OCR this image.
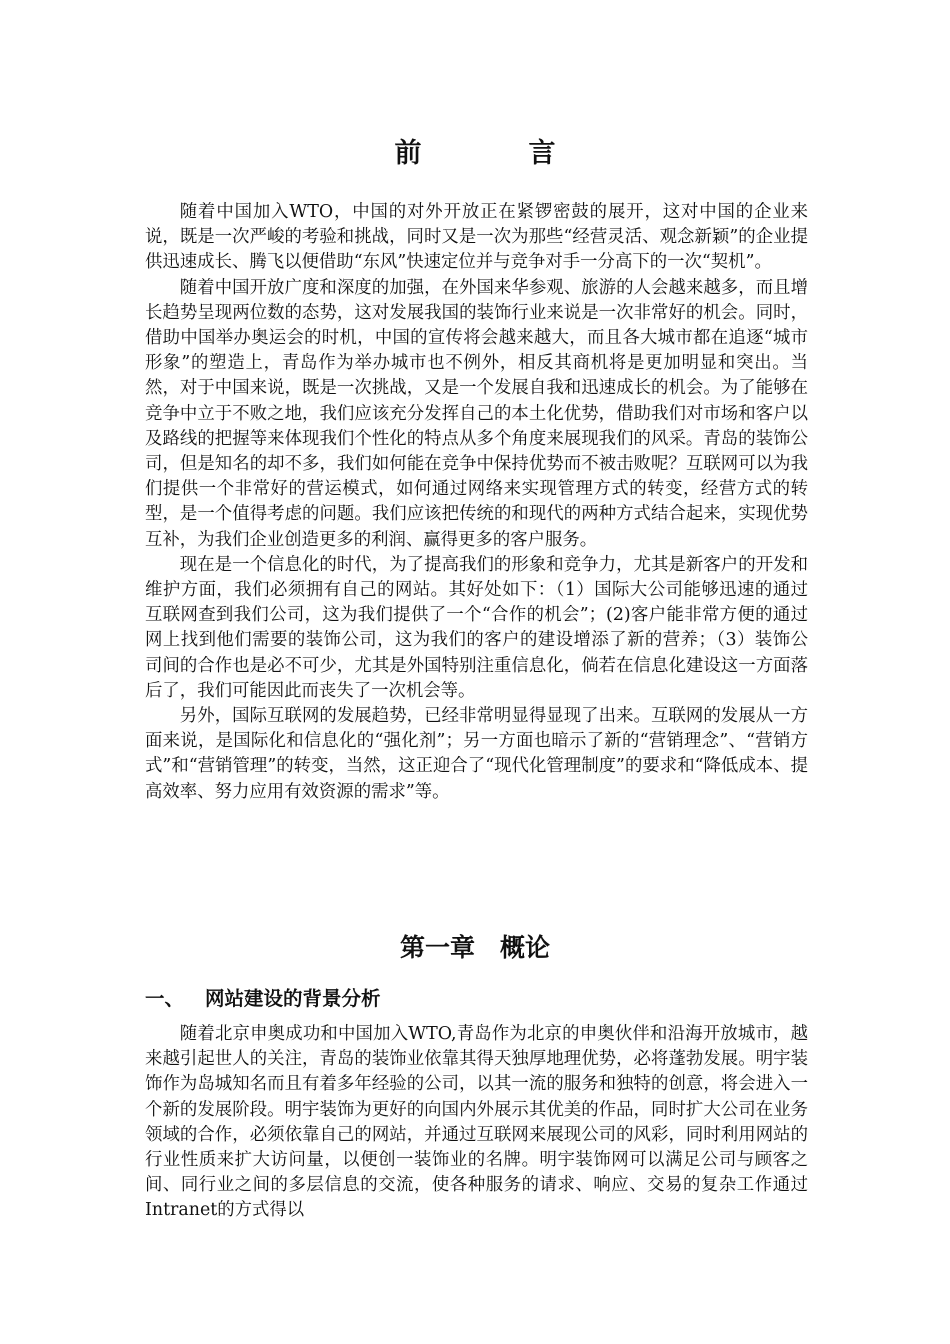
前　言

随着中国加入WTO，中国的对外开放正在紧锣密鼓的展开，这对中国的企业来说，既是一次严峻的考验和挑战，同时又是一次为那些“经营灵活、观念新颖”的企业提供迅速成长、腾飞以便借助“东风”快速定位并与竞争对手一分高下的一次“契机”。

随着中国开放广度和深度的加强，在外国来华参观、旅游的人会越来越多，而且增长趋势呈现两位数的态势，这对发展我国的装饰行业来说是一次非常好的机会。同时，借助中国举办奥运会的时机，中国的宣传将会越来越大，而且各大城市都在追逐“城市形象”的塑造上，青岛作为举办城市也不例外，相反其商机将是更加明显和突出。当然，对于中国来说，既是一次挑战，又是一个发展自我和迅速成长的机会。为了能够在竞争中立于不败之地，我们应该充分发挥自己的本土化优势，借助我们对市场和客户以及路线的把握等来体现我们个性化的特点从多个角度来展现我们的风采。青岛的装饰公司，但是知名的却不多，我们如何能在竞争中保持优势而不被击败呢？互联网可以为我们提供一个非常好的营运模式，如何通过网络来实现管理方式的转变，经营方式的转型，是一个值得考虑的问题。我们应该把传统的和现代的两种方式结合起来，实现优势互补，为我们企业创造更多的利润、赢得更多的客户服务。

现在是一个信息化的时代，为了提高我们的形象和竞争力，尤其是新客户的开发和维护方面，我们必须拥有自己的网站。其好处如下：（1）国际大公司能够迅速的通过互联网查到我们公司，这为我们提供了一个“合作的机会”；(2)客户能非常方便的通过网上找到他们需要的装饰公司，这为我们的客户的建设增添了新的营养；（3）装饰公司间的合作也是必不可少，尤其是外国特别注重信息化，倘若在信息化建设这一方面落后了，我们可能因此而丧失了一次机会等。

另外，国际互联网的发展趋势，已经非常明显得显现了出来。互联网的发展从一方面来说，是国际化和信息化的“强化剂”；另一方面也暗示了新的“营销理念”、“营销方式”和“营销管理”的转变，当然，这正迎合了“现代化管理制度”的要求和“降低成本、提高效率、努力应用有效资源的需求”等。

第一章　概论
一、 网站建设的背景分析

随着北京申奥成功和中国加入WTO,青岛作为北京的申奥伙伴和沿海开放城市，越来越引起世人的关注，青岛的装饰业依靠其得天独厚地理优势，必将蓬勃发展。明宇装饰作为岛城知名而且有着多年经验的公司，以其一流的服务和独特的创意，将会进入一个新的发展阶段。明宇装饰为更好的向国内外展示其优美的作品，同时扩大公司在业务领域的合作，必须依靠自己的网站，并通过互联网来展现公司的风彩，同时利用网站的行业性质来扩大访问量，以便创一装饰业的名牌。明宇装饰网可以满足公司与顾客之间、同行业之间的多层信息的交流，使各种服务的请求、响应、交易的复杂工作通过 Intranet的方式得以
